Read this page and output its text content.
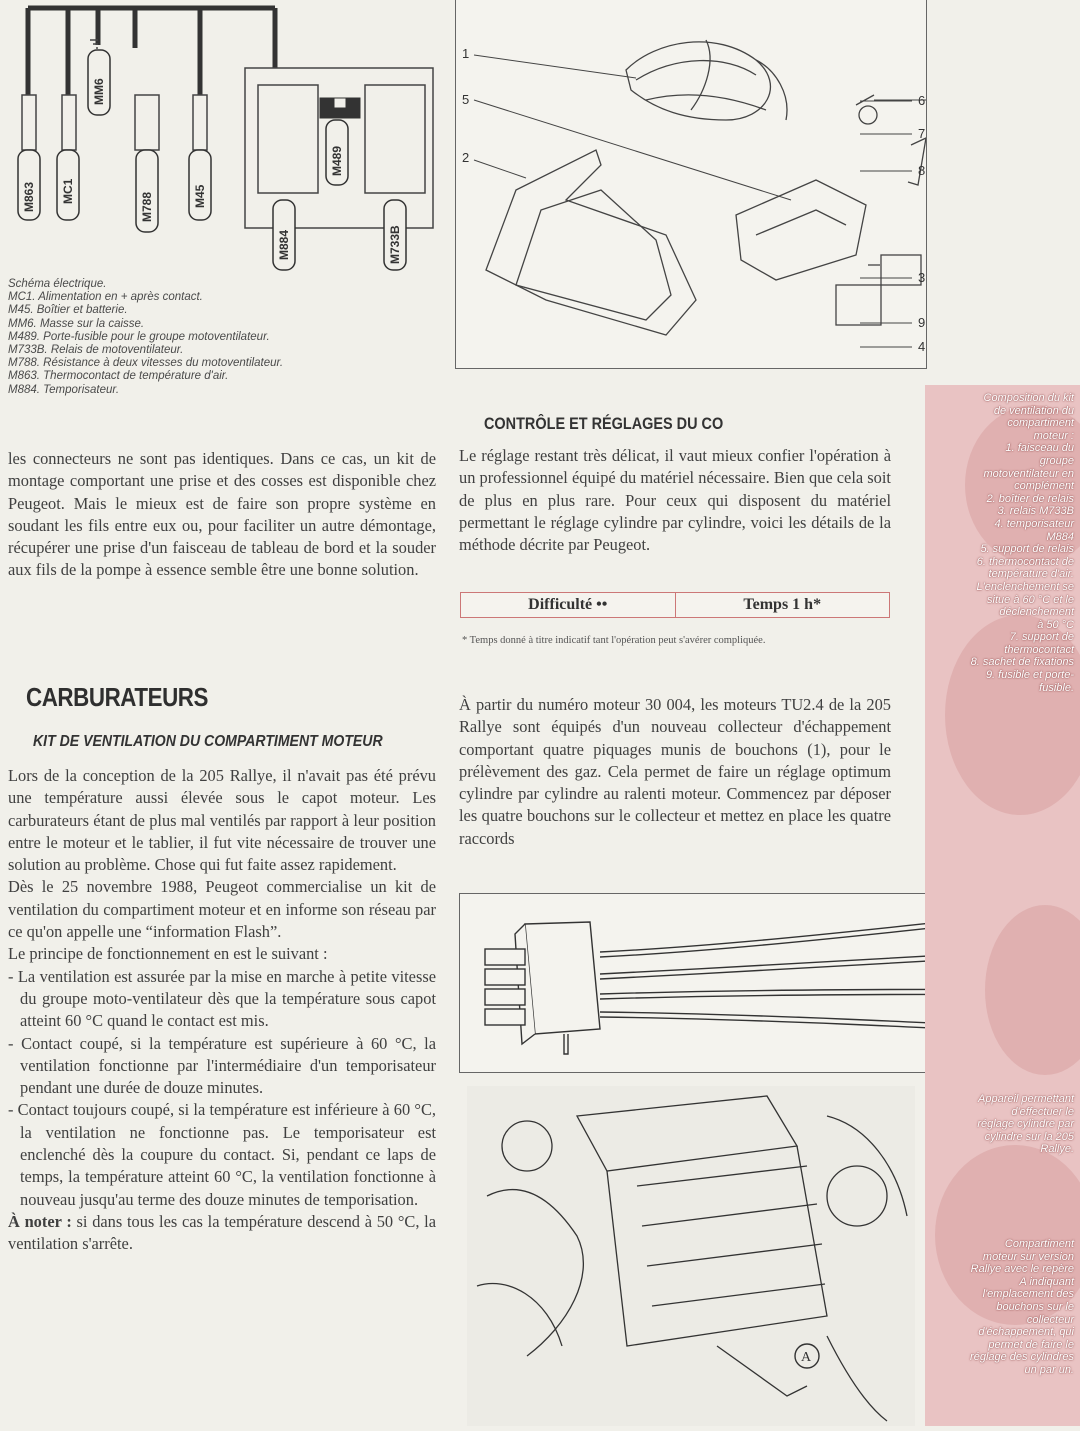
M863 MC1
MM6
M788	M45
M489
M884	M733B
Schéma électrique.
MC1. Alimentation en + après contact.
M45. Boîtier et batterie.
MM6. Masse sur la caisse.
M489. Porte-fusible pour le groupe motoventilateur.
M733B. Relais de motoventilateur.
M788. Résistance à deux vitesses du motoventilateur.
M863. Thermocontact de température d'air.
M884. Temporisateur.

les connecteurs ne sont pas identiques. Dans ce cas, un kit de montage comportant une prise et des cosses est disponible chez Peugeot. Mais le mieux est de faire son propre système en soudant les fils entre eux ou, pour faciliter un autre démontage, récupérer une prise d'un faisceau de tableau de bord et la souder aux fils de la pompe à essence semble être une bonne solution.

CARBURATEURS
KIT DE VENTILATION DU COMPARTIMENT MOTEUR

Lors de la conception de la 205 Rallye, il n'avait pas été prévu une température aussi élevée sous le capot moteur. Les carburateurs étant de plus mal ventilés par rapport à leur position entre le moteur et le tablier, il fut vite nécessaire de trouver une solution au problème. Chose qui fut faite assez rapidement.

Dès le 25 novembre 1988, Peugeot commercialise un kit de ventilation du compartiment moteur et en informe son réseau par ce qu'on appelle une “information Flash”.

Le principe de fonctionnement en est le suivant :

- La ventilation est assurée par la mise en marche à petite vitesse du groupe moto-ventilateur dès que la température sous capot atteint 60 °C quand le contact est mis.

- Contact coupé, si la température est supérieure à 60 °C, la ventilation fonctionne par l'intermédiaire d'un temporisateur pendant une durée de douze minutes.

- Contact toujours coupé, si la température est inférieure à 60 °C, la ventilation ne fonctionne pas. Le temporisateur est enclenché dès la coupure du contact. Si, pendant ce laps de temps, la température atteint 60 °C, la ventilation fonctionne à nouveau jusqu'au terme des douze minutes de temporisation.

À noter : si dans tous les cas la température descend à 50 °C, la ventilation s'arrête.

1
5
2
6
7
8
3
9
4
CONTRÔLE ET RÉGLAGES DU CO

Le réglage restant très délicat, il vaut mieux confier l'opération à un professionnel équipé du matériel nécessaire. Bien que cela soit de plus en plus rare. Pour ceux qui disposent du matériel permettant le réglage cylindre par cylindre, voici les détails de la méthode décrite par Peugeot.

Difficulté ••	Temps 1 h*
* Temps donné à titre indicatif tant l'opération peut s'avérer compliquée.

À partir du numéro moteur 30 004, les moteurs TU2.4 de la 205 Rallye sont équipés d'un nouveau collecteur d'échappement comportant quatre piquages munis de bouchons (1), pour le prélèvement des gaz. Cela permet de faire un réglage optimum cylindre par cylindre au ralenti moteur. Commencez par déposer les quatre bouchons sur le collecteur et mettez en place les quatre raccords

A
Composition du kit
de ventilation du
compartiment
moteur :
1. faisceau du
groupe
motoventilateur en
complément
2. boîtier de relais
3. relais M733B
4. temporisateur
M884
5. support de relais
6. thermocontact de
température d'air.
L'enclenchement se
situe à 60 °C et le
déclenchement
à 50 °C
7. support de
thermocontact
8. sachet de fixations
9. fusible et porte-
fusible.
Appareil permettant
d'effectuer le
réglage cylindre par
cylindre sur la 205
Rallye.
Compartiment
moteur sur version
Rallye avec le repère
A indiquant
l'emplacement des
bouchons sur le
collecteur
d'échappement, qui
permet de faire le
réglage des cylindres
un par un.
